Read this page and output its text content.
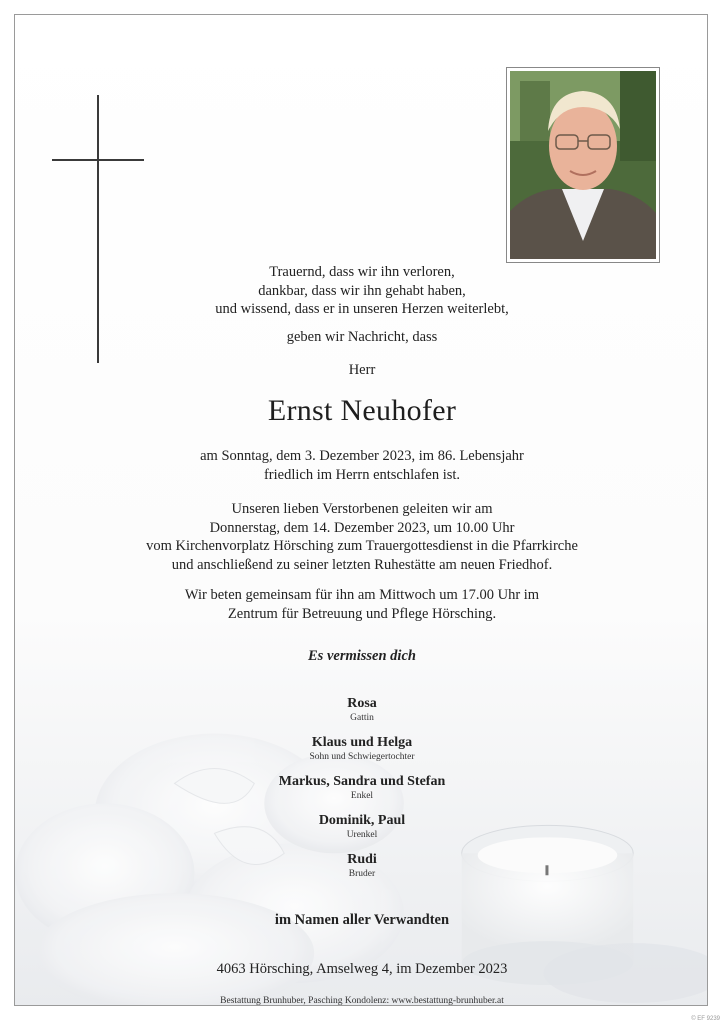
Trauernd, dass wir ihn verloren,
dankbar, dass wir ihn gehabt haben,
und wissend, dass er in unseren Herzen weiterlebt,
geben wir Nachricht, dass
Herr
Ernst Neuhofer
am Sonntag, dem 3. Dezember 2023, im 86. Lebensjahr
friedlich im Herrn entschlafen ist.
Unseren lieben Verstorbenen geleiten wir am
Donnerstag, dem 14. Dezember 2023, um 10.00 Uhr
vom Kirchenvorplatz Hörsching zum Trauergottesdienst in die Pfarrkirche
und anschließend zu seiner letzten Ruhestätte am neuen Friedhof.
Wir beten gemeinsam für ihn am Mittwoch um 17.00 Uhr im
Zentrum für Betreuung und Pflege Hörsching.
Es vermissen dich
Rosa
Gattin
Klaus und Helga
Sohn und Schwiegertochter
Markus, Sandra und Stefan
Enkel
Dominik, Paul
Urenkel
Rudi
Bruder
im Namen aller Verwandten
4063 Hörsching, Amselweg 4, im Dezember 2023
Bestattung Brunhuber, Pasching Kondolenz: www.bestattung-brunhuber.at
© EF 9239
